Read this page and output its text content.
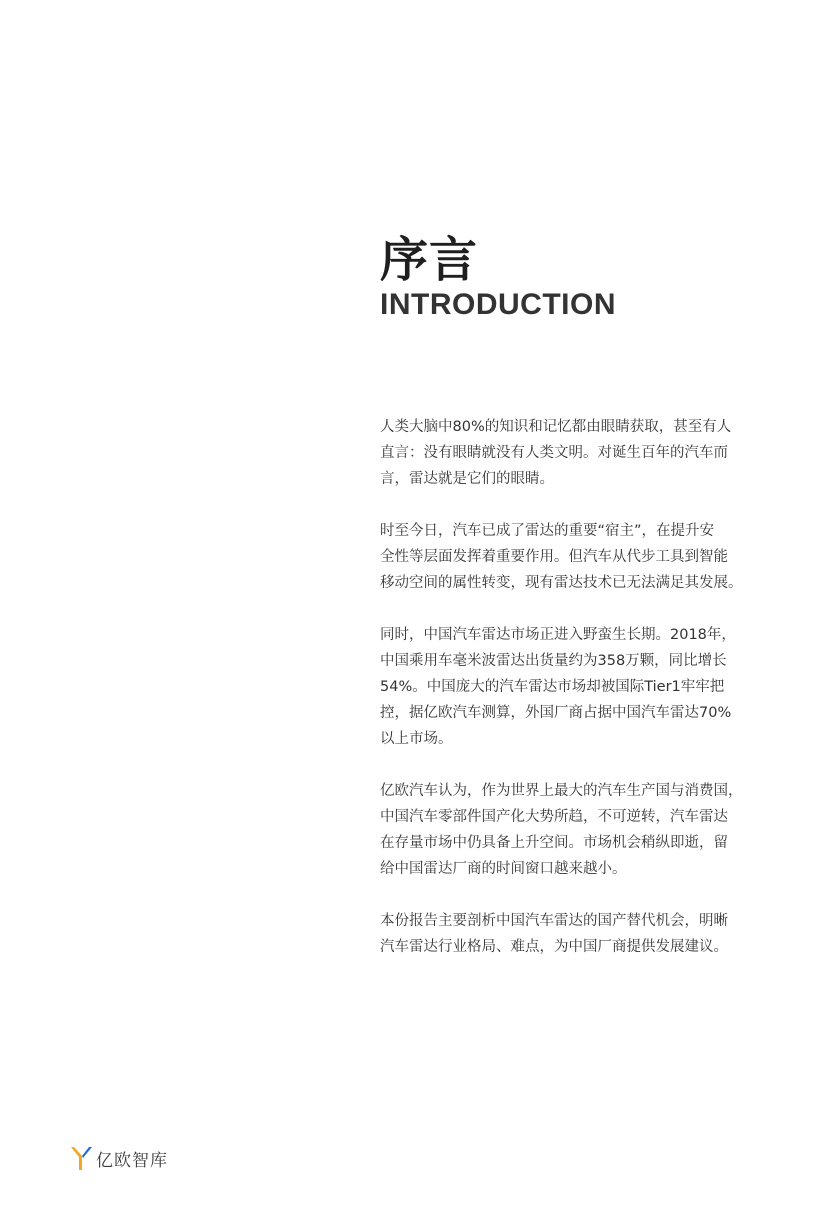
序言
INTRODUCTION

人类大脑中80%的知识和记忆都由眼睛获取，甚至有人
直言：没有眼睛就没有人类文明。对诞生百年的汽车而
言，雷达就是它们的眼睛。

时至今日，汽车已成了雷达的重要“宿主”，在提升安
全性等层面发挥着重要作用。但汽车从代步工具到智能
移动空间的属性转变，现有雷达技术已无法满足其发展。

同时，中国汽车雷达市场正进入野蛮生长期。2018年，
中国乘用车毫米波雷达出货量约为358万颗，同比增长
54%。中国庞大的汽车雷达市场却被国际Tier1牢牢把
控，据亿欧汽车测算，外国厂商占据中国汽车雷达70%
以上市场。

亿欧汽车认为，作为世界上最大的汽车生产国与消费国，
中国汽车零部件国产化大势所趋，不可逆转，汽车雷达
在存量市场中仍具备上升空间。市场机会稍纵即逝，留
给中国雷达厂商的时间窗口越来越小。

本份报告主要剖析中国汽车雷达的国产替代机会，明晰
汽车雷达行业格局、难点，为中国厂商提供发展建议。

亿欧智库
